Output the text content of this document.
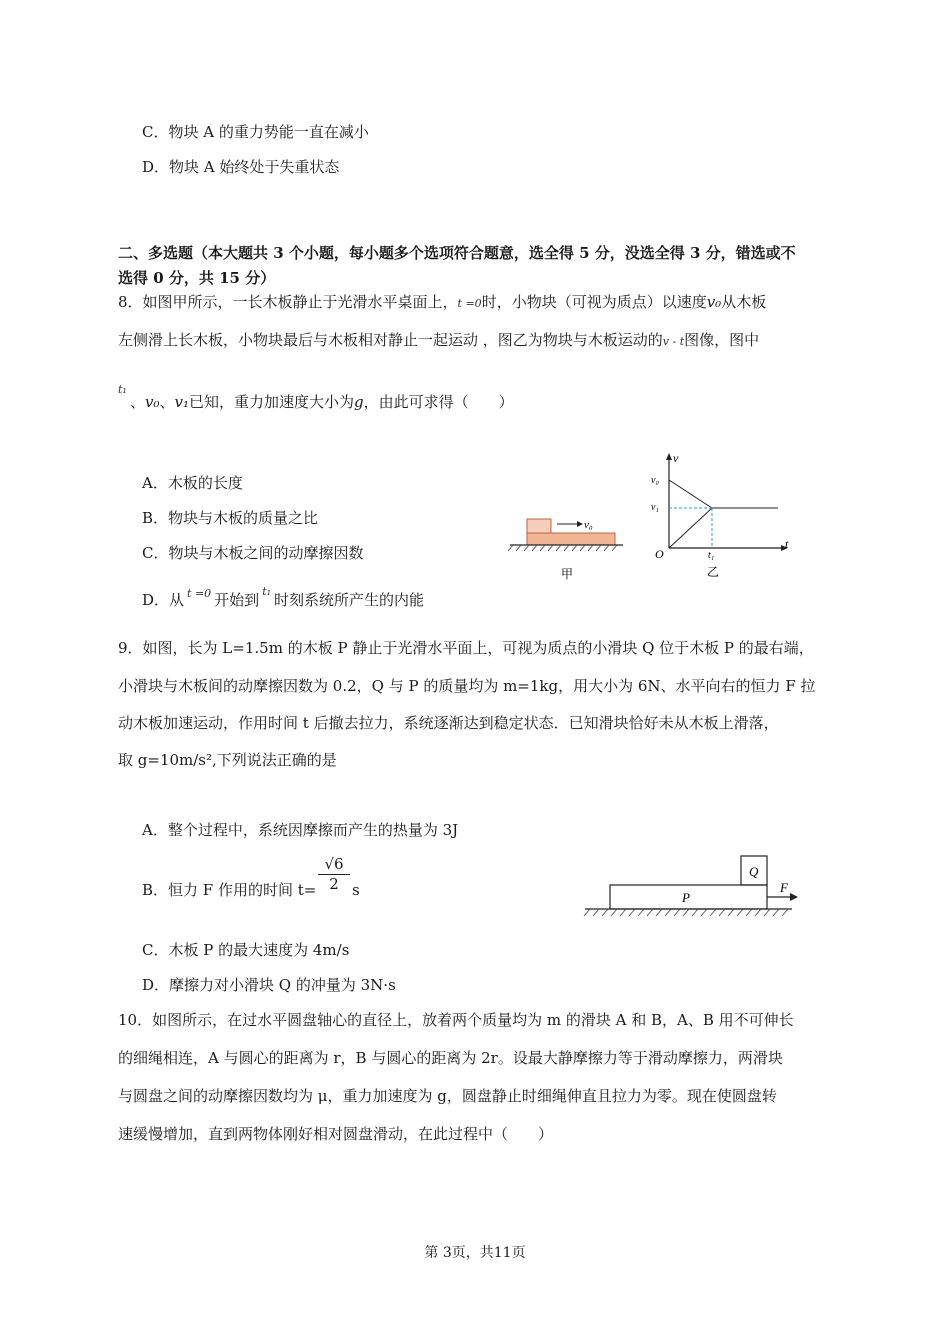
C．物块 A 的重力势能一直在减小
D．物块 A 始终处于失重状态
二、多选题（本大题共 3 个小题，每小题多个选项符合题意，选全得 5 分，没选全得 3 分，错选或不
选得 0 分，共 15 分）
8．如图甲所示，一长木板静止于光滑水平桌面上，t =0时，小物块（可视为质点）以速度v₀从木板
左侧滑上长木板，小物块最后与木板相对静止一起运动 ，图乙为物块与木板运动的v - t图像，图中
t₁
、v₀、v₁已知，重力加速度大小为g，由此可求得（　　）
A．木板的长度
B．物块与木板的质量之比
C．物块与木板之间的动摩擦因数
D．从 $^{t =0}$ 开始到 $^{t_1}$ 时刻系统所产生的内能
v₀
甲
v
t
O
v₀
v₁
t₁
乙
9．如图，长为 L=1.5m 的木板 P 静止于光滑水平面上，可视为质点的小滑块 Q 位于木板 P 的最右端，
小滑块与木板间的动摩擦因数为 0.2，Q 与 P 的质量均为 m=1kg，用大小为 6N、水平向右的恒力 F 拉
动木板加速运动，作用时间 t 后撤去拉力，系统逐渐达到稳定状态．已知滑块恰好未从木板上滑落，
取 g=10m/s²,下列说法正确的是
A．整个过程中，系统因摩擦而产生的热量为 3J
B．恒力 F 作用的时间 $t= \frac{√6}{2}$ s
C．木板 P 的最大速度为 4m/s
D．摩擦力对小滑块 Q 的冲量为 3N·s
P
Q
F
10．如图所示，在过水平圆盘轴心的直径上，放着两个质量均为 m 的滑块 A 和 B，A、B 用不可伸长
的细绳相连，A 与圆心的距离为 r，B 与圆心的距离为 2r。设最大静摩擦力等于滑动摩擦力，两滑块
与圆盘之间的动摩擦因数均为 μ，重力加速度为 g，圆盘静止时细绳伸直且拉力为零。现在使圆盘转
速缓慢增加，直到两物体刚好相对圆盘滑动，在此过程中（　　）
第 3页，共11页
